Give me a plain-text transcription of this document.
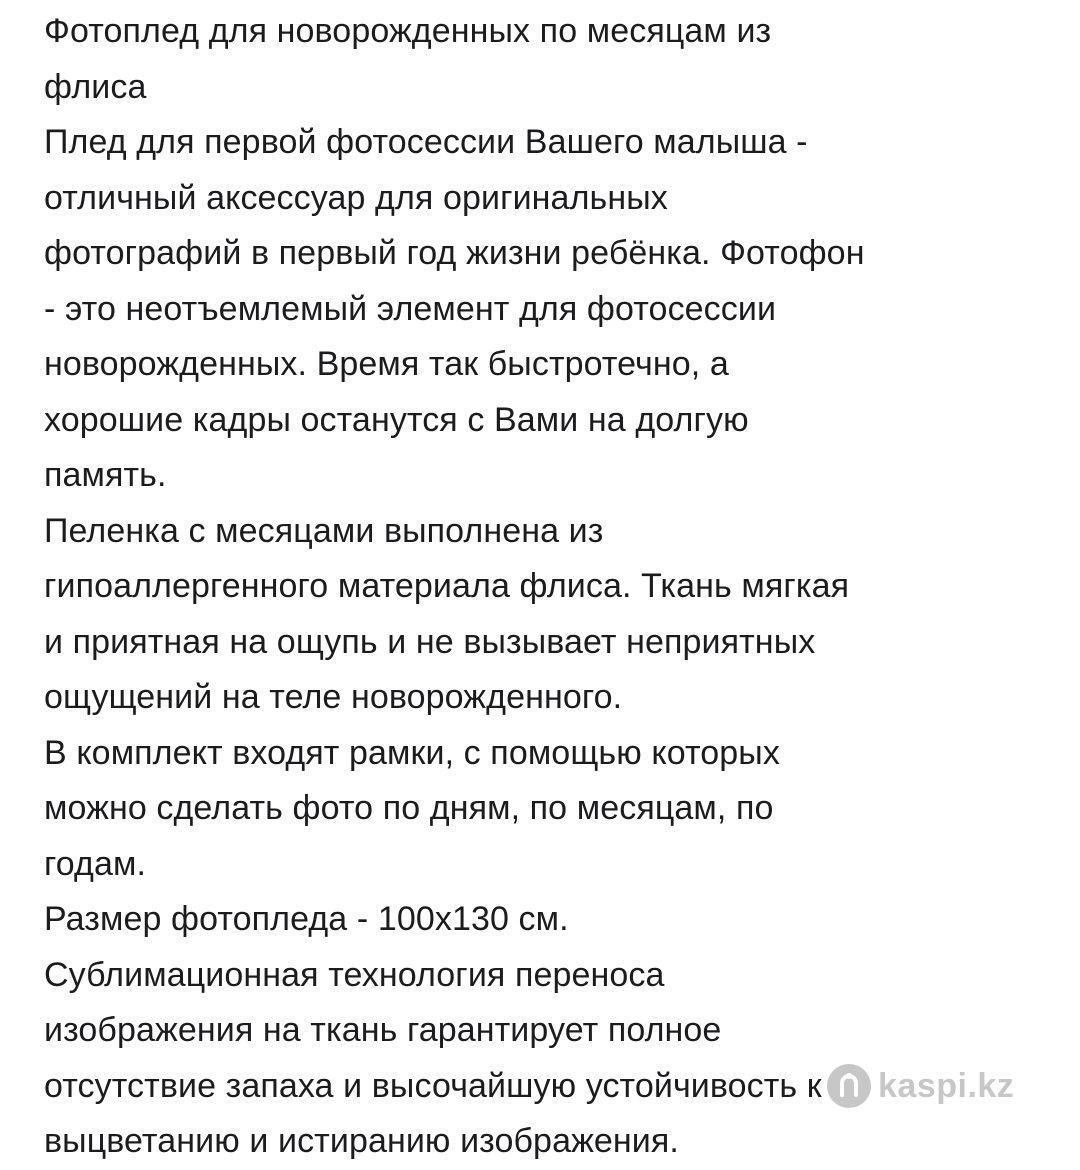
Фотоплед для новорожденных по месяцам из
флиса
Плед для первой фотосессии Вашего малыша -
отличный аксессуар для оригинальных
фотографий в первый год жизни ребёнка. Фотофон
- это неотъемлемый элемент для фотосессии
новорожденных. Время так быстротечно, а
хорошие кадры останутся с Вами на долгую
память.
Пеленка с месяцами выполнена из
гипоаллергенного материала флиса. Ткань мягкая
и приятная на ощупь и не вызывает неприятных
ощущений на теле новорожденного.
В комплект входят рамки, с помощью которых
можно сделать фото по дням, по месяцам, по
годам.
Размер фотопледа - 100x130 см.
Сублимационная технология переноса
изображения на ткань гарантирует полное
отсутствие запаха и высочайшую устойчивость к
выцветанию и истиранию изображения.
kaspi.kz
